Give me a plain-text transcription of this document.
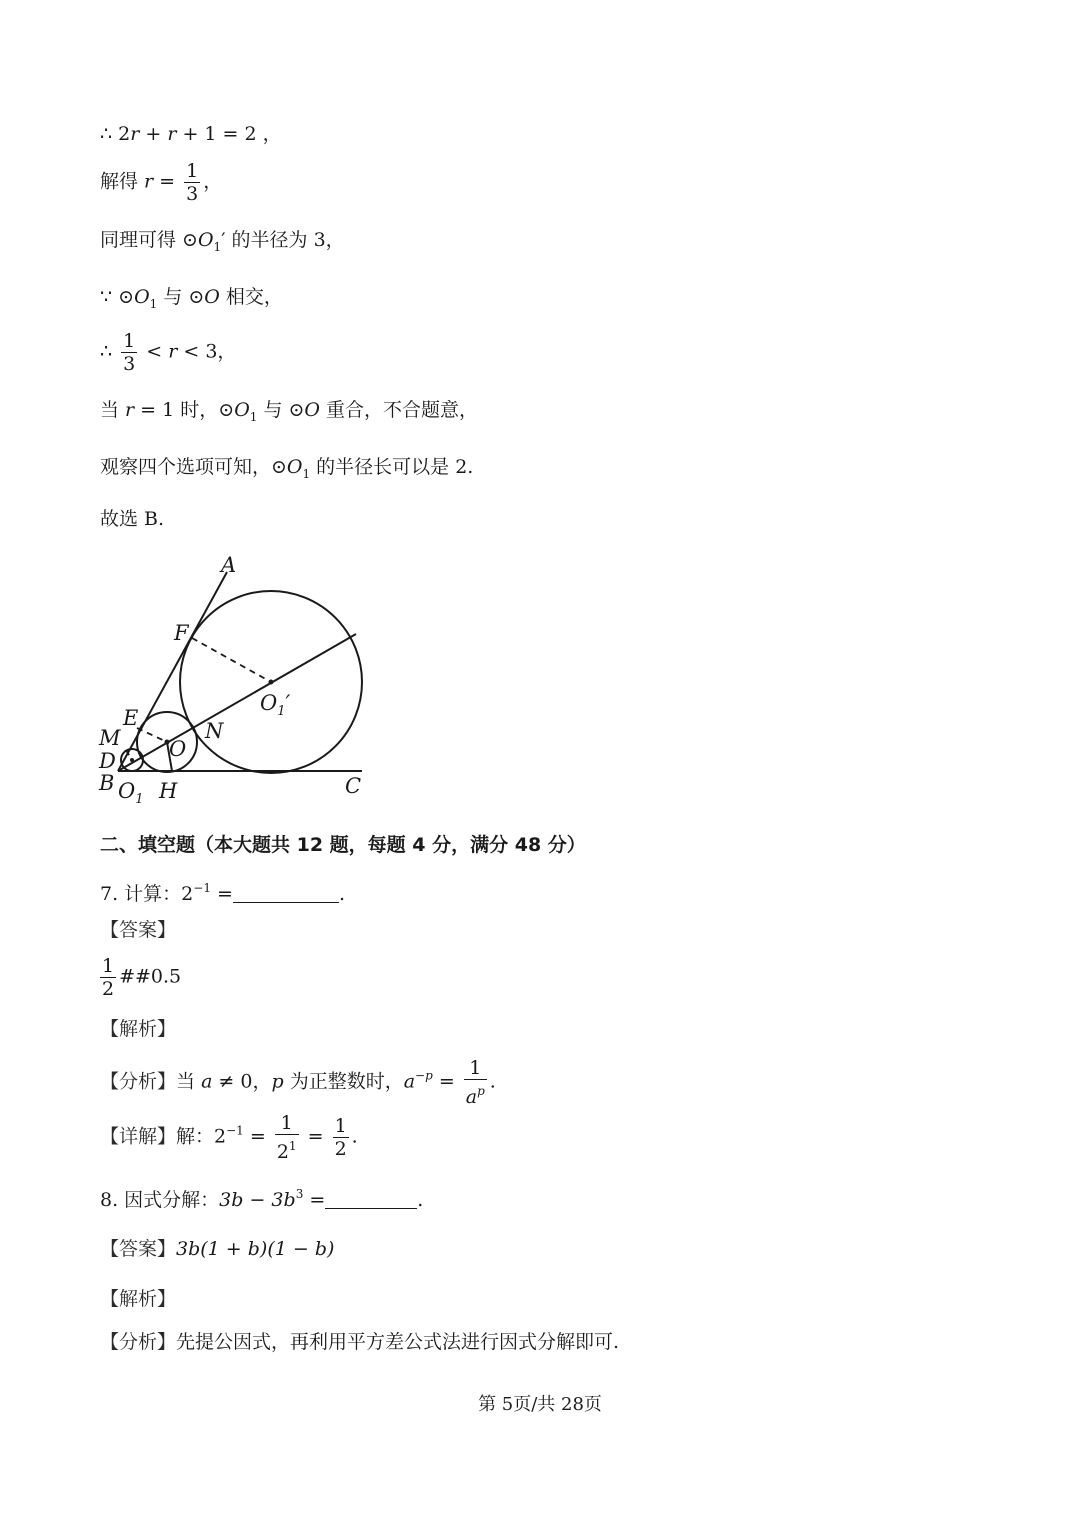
∴ 2r + r + 1 = 2 ，
解得 $r = \frac{1}{3}$ ，
同理可得 $⊙O_1'$ 的半径为 3，
∵ $⊙O_1$ 与 ⊙O 相交，
∴ $\frac{1}{3} < r < 3$，
当 r = 1 时，$⊙O_1$ 与 ⊙O 重合，不合题意，
观察四个选项可知，$⊙O_1$ 的半径长可以是 2.
故选 B.
A
F
$O_1'$
E
N
M O
D
B $O_1$ H	C
二、填空题（本大题共 12 题，每题 4 分，满分 48 分）
7. 计算：$2^{-1}$ =	.
【答案】
$\frac{1}{2}$ ##0.5
【解析】
【分析】当 a ≠ 0，p 为正整数时，$a^{-p} = \frac{1}{a^p}$ .
【详解】解：$2^{-1} = \frac{1}{2^1} = \frac{1}{2}$ .
8. 因式分解：$3b - 3b^3$ =	.
【答案】3b(1 + b)(1 − b)
【解析】
【分析】先提公因式，再利用平方差公式法进行因式分解即可.
第 5页/共 28页
